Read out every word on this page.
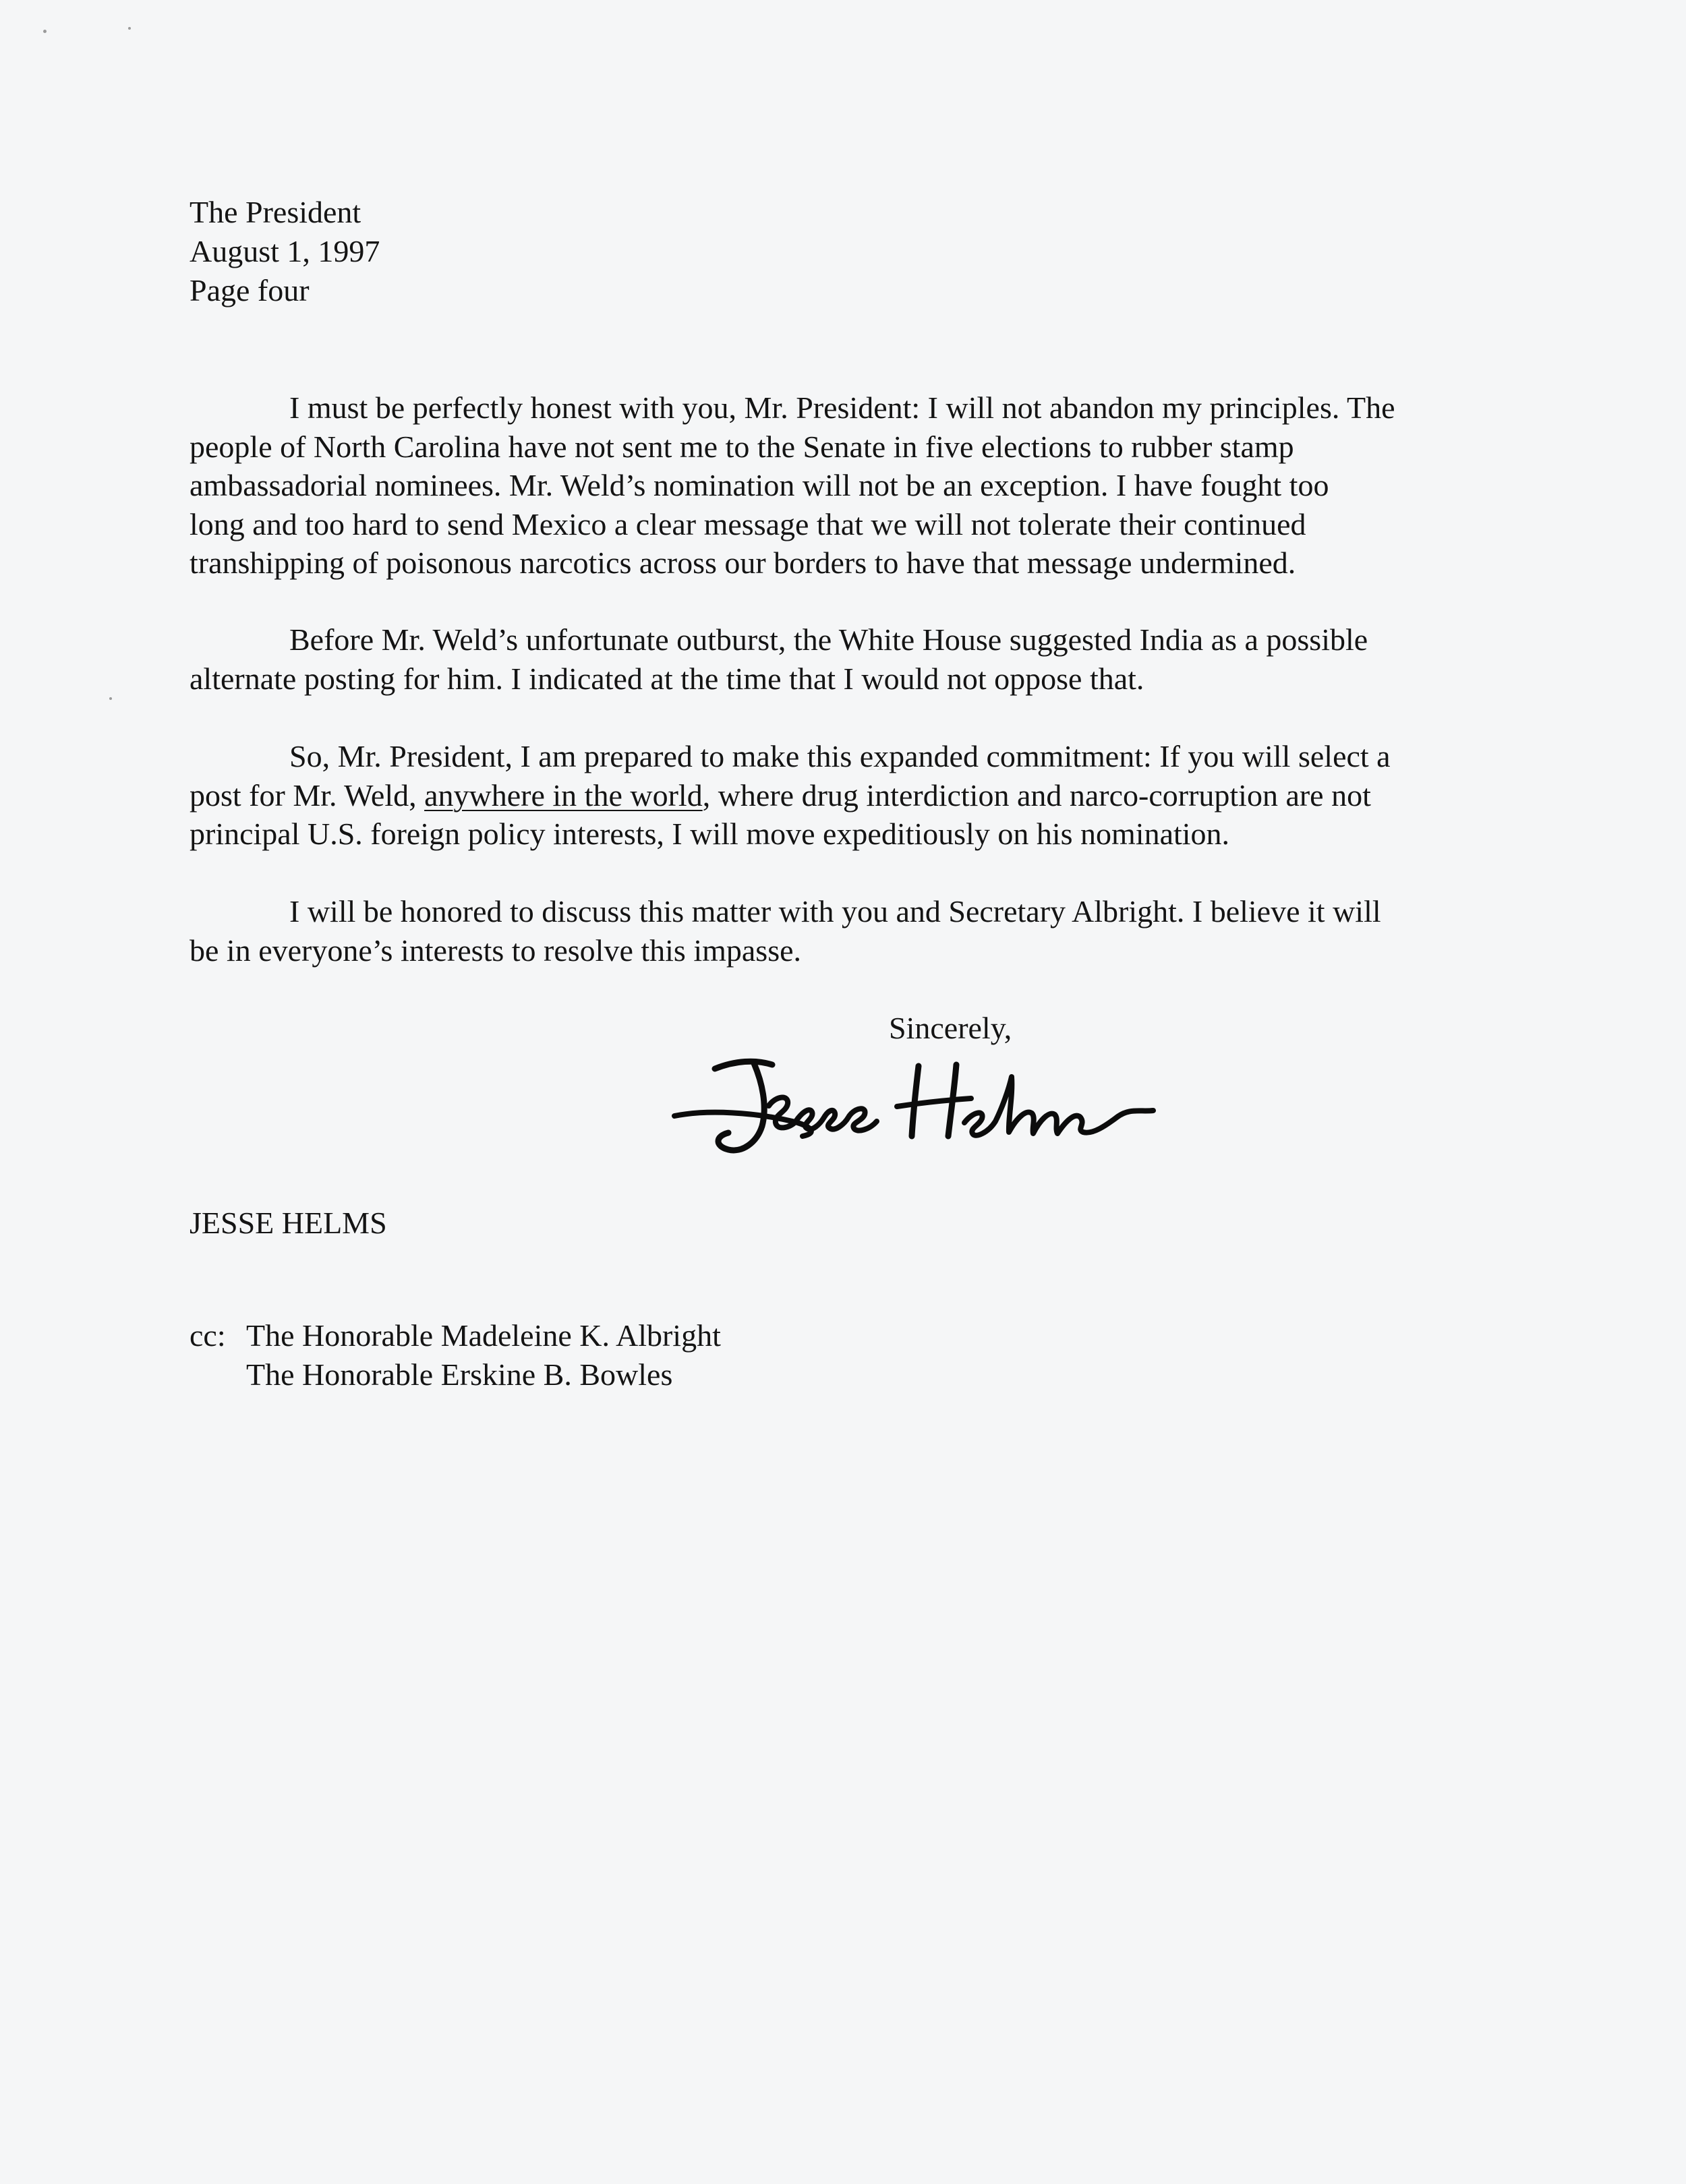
The President
August 1, 1997
Page four
I must be perfectly honest with you, Mr. President: I will not abandon my principles. The
people of North Carolina have not sent me to the Senate in five elections to rubber stamp
ambassadorial nominees. Mr. Weld’s nomination will not be an exception. I have fought too
long and too hard to send Mexico a clear message that we will not tolerate their continued
transhipping of poisonous narcotics across our borders to have that message undermined.
Before Mr. Weld’s unfortunate outburst, the White House suggested India as a possible
alternate posting for him. I indicated at the time that I would not oppose that.
So, Mr. President, I am prepared to make this expanded commitment: If you will select a
post for Mr. Weld, anywhere in the world, where drug interdiction and narco-corruption are not
principal U.S. foreign policy interests, I will move expeditiously on his nomination.
I will be honored to discuss this matter with you and Secretary Albright. I believe it will
be in everyone’s interests to resolve this impasse.
Sincerely,
JESSE HELMS
cc: The Honorable Madeleine K. Albright
The Honorable Erskine B. Bowles
